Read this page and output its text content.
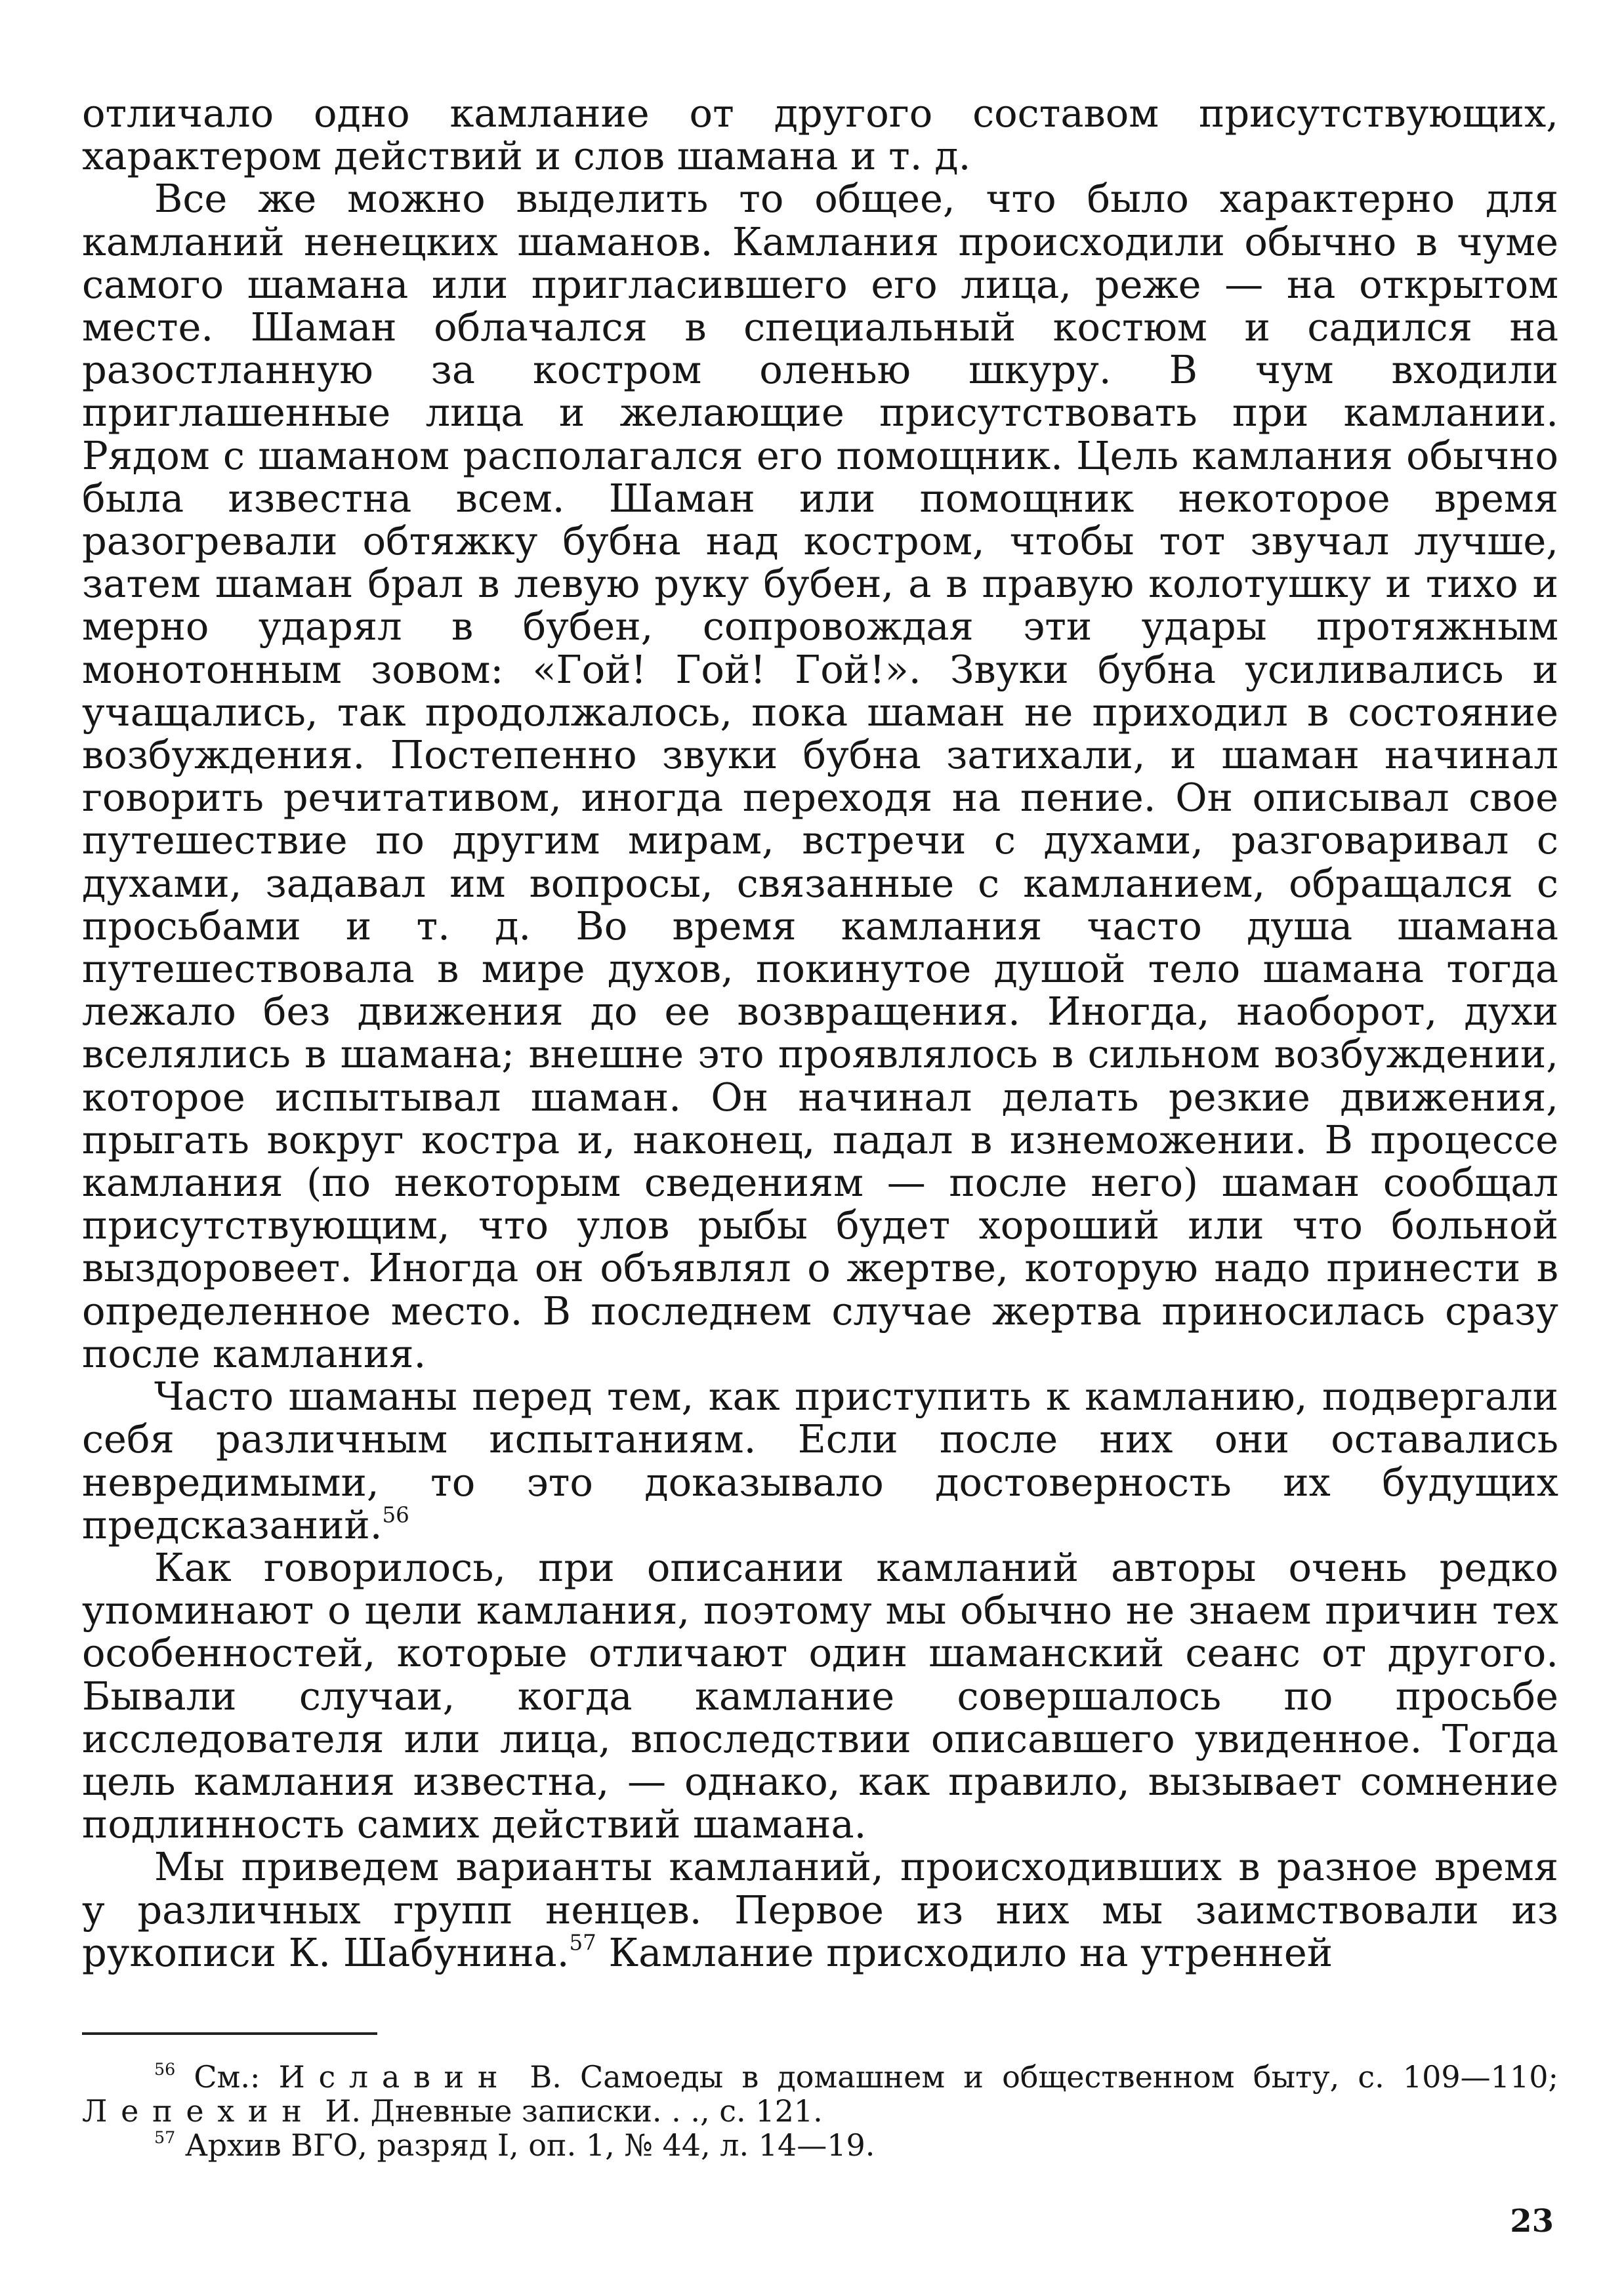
отличало одно камлание от другого составом присутствующих, характером действий и слов шамана и т. д.

Все же можно выделить то общее, что было характерно для камланий ненецких шаманов. Камлания происходили обычно в чуме самого шамана или пригласившего его лица, реже — на открытом месте. Шаман облачался в специальный костюм и садился на разостланную за костром оленью шкуру. В чум входили приглашенные лица и желающие присутствовать при камлании. Рядом с шаманом располагался его помощник. Цель камлания обычно была известна всем. Шаман или помощник некоторое время разогревали обтяжку бубна над костром, чтобы тот звучал лучше, затем шаман брал в левую руку бубен, а в правую колотушку и тихо и мерно ударял в бубен, сопровождая эти удары протяжным монотонным зовом: «Гой! Гой! Гой!». Звуки бубна усиливались и учащались, так продолжалось, пока шаман не приходил в состояние возбуждения. Постепенно звуки бубна затихали, и шаман начинал говорить речитативом, иногда переходя на пение. Он описывал свое путешествие по другим мирам, встречи с духами, разговаривал с духами, задавал им вопросы, связанные с камланием, обращался с просьбами и т. д. Во время камлания часто душа шамана путешествовала в мире духов, покинутое душой тело шамана тогда лежало без движения до ее возвращения. Иногда, наоборот, духи вселялись в шамана; внешне это проявлялось в сильном возбуждении, которое испытывал шаман. Он начинал делать резкие движения, прыгать вокруг костра и, наконец, падал в изнеможении. В процессе камлания (по некоторым сведениям — после него) шаман сообщал присутствующим, что улов рыбы будет хороший или что больной выздоровеет. Иногда он объявлял о жертве, которую надо принести в определенное место. В последнем случае жертва приносилась сразу после камлания.

Часто шаманы перед тем, как приступить к камланию, подвергали себя различным испытаниям. Если после них они оставались невредимыми, то это доказывало достоверность их будущих предсказаний.$^{56}$

Как говорилось, при описании камланий авторы очень редко упоминают о цели камлания, поэтому мы обычно не знаем причин тех особенностей, которые отличают один шаманский сеанс от другого. Бывали случаи, когда камлание совершалось по просьбе исследователя или лица, впоследствии описавшего увиденное. Тогда цель камлания известна, — однако, как правило, вызывает сомнение подлинность самих действий шамана.

Мы приведем варианты камланий, происходивших в разное время у различных групп ненцев. Первое из них мы заимствовали из рукописи К. Шабунина.$^{57}$ Камлание присходило на утренней

$^{56}$ См.: Иславин В. Самоеды в домашнем и общественном быту, с. 109—110; Лепехин И. Дневные записки. . ., с. 121.

$^{57}$ Архив ВГО, разряд I, оп. 1, № 44, л. 14—19.

23
